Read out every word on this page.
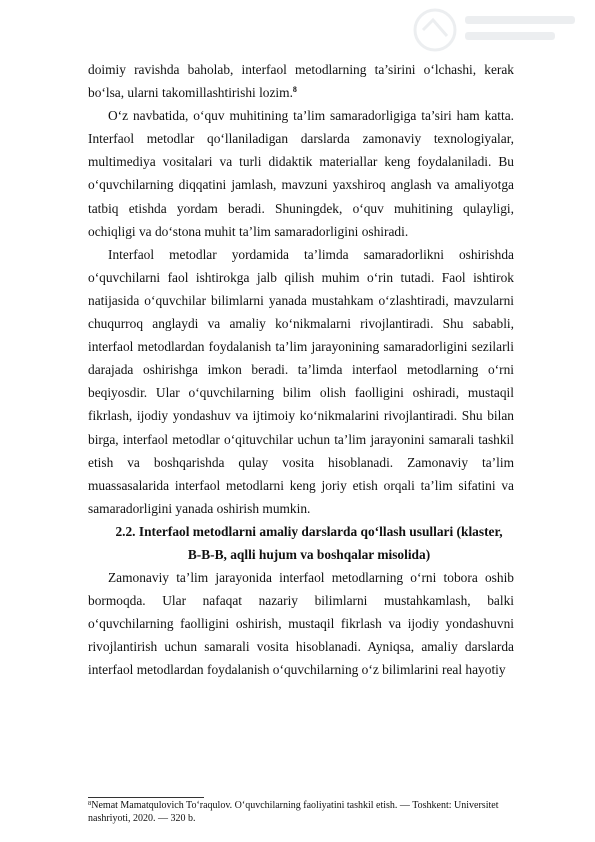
doimiy ravishda baholab, interfaol metodlarning ta’sirini o‘lchashi, kerak
bo‘lsa, ularni takomillashtirishi lozim.$^8$

O‘z navbatida, o‘quv muhitining ta’lim samaradorligiga ta’siri ham katta. Interfaol metodlar qo‘llaniladigan darslarda zamonaviy texnologiyalar, multimediya vositalari va turli didaktik materiallar keng foydalaniladi. Bu o‘quvchilarning diqqatini jamlash, mavzuni yaxshiroq anglash va amaliyotga tatbiq etishda yordam beradi. Shuningdek, o‘quv muhitining qulayligi, ochiqligi va do‘stona muhit ta’lim samaradorligini oshiradi.

Interfaol metodlar yordamida ta’limda samaradorlikni oshirishda o‘quvchilarni faol ishtirokga jalb qilish muhim o‘rin tutadi. Faol ishtirok natijasida o‘quvchilar bilimlarni yanada mustahkam o‘zlashtiradi, mavzularni chuqurroq anglaydi va amaliy ko‘nikmalarni rivojlantiradi. Shu sababli, interfaol metodlardan foydalanish ta’lim jarayonining samaradorligini sezilarli darajada oshirishga imkon beradi. ta’limda interfaol metodlarning o‘rni beqiyosdir. Ular o‘quvchilarning bilim olish faolligini oshiradi, mustaqil fikrlash, ijodiy yondashuv va ijtimoiy ko‘nikmalarini rivojlantiradi. Shu bilan birga, interfaol metodlar o‘qituvchilar uchun ta’lim jarayonini samarali tashkil etish va boshqarishda qulay vosita hisoblanadi. Zamonaviy ta’lim muassasalarida interfaol metodlarni keng joriy etish orqali ta’lim sifatini va samaradorligini yanada oshirish mumkin.

2.2. Interfaol metodlarni amaliy darslarda qo‘llash usullari (klaster, B-B-B, aqlli hujum va boshqalar misolida)

Zamonaviy ta’lim jarayonida interfaol metodlarning o‘rni tobora oshib bormoqda. Ular nafaqat nazariy bilimlarni mustahkamlash, balki o‘quvchilarning faolligini oshirish, mustaqil fikrlash va ijodiy yondashuvni rivojlantirish uchun samarali vosita hisoblanadi. Ayniqsa, amaliy darslarda interfaol metodlardan foydalanish o‘quvchilarning o‘z bilimlarini real hayotiy

$^8$Nemat Mamatqulovich To‘raqulov. O‘quvchilarning faoliyatini tashkil etish. — Toshkent: Universitet nashriyoti, 2020. — 320 b.
